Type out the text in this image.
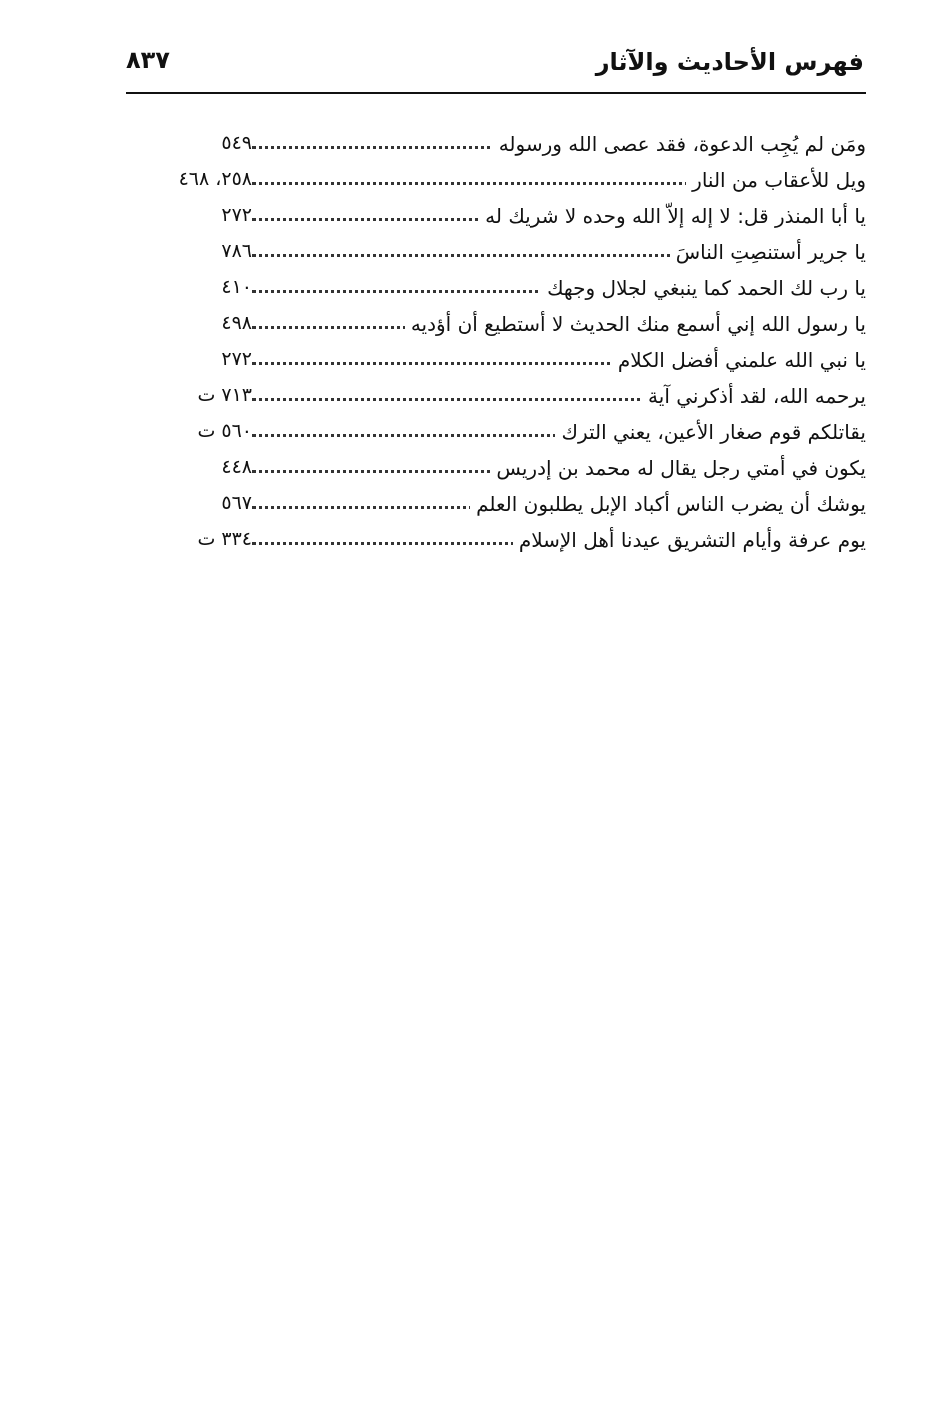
فهرس الأحاديث والآثار
٨٣٧
ومَن لم يُجِب الدعوة، فقد عصى الله ورسوله
٥٤٩
ويل للأعقاب من النار
٢٥٨، ٤٦٨
يا أبا المنذر قل: لا إله إلاّ الله وحده لا شريك له
٢٧٢
يا جرير أستنصِتِ الناسَ
٧٨٦
يا رب لك الحمد كما ينبغي لجلال وجهك
٤١٠
يا رسول الله إني أسمع منك الحديث لا أستطيع أن أؤديه
٤٩٨
يا نبي الله علمني أفضل الكلام
٢٧٢
يرحمه الله، لقد أذكرني آية
٧١٣ ت
يقاتلكم قوم صغار الأعين، يعني الترك
٥٦٠ ت
يكون في أمتي رجل يقال له محمد بن إدريس
٤٤٨
يوشك أن يضرب الناس أكباد الإبل يطلبون العلم
٥٦٧
يوم عرفة وأيام التشريق عيدنا أهل الإسلام
٣٣٤ ت
